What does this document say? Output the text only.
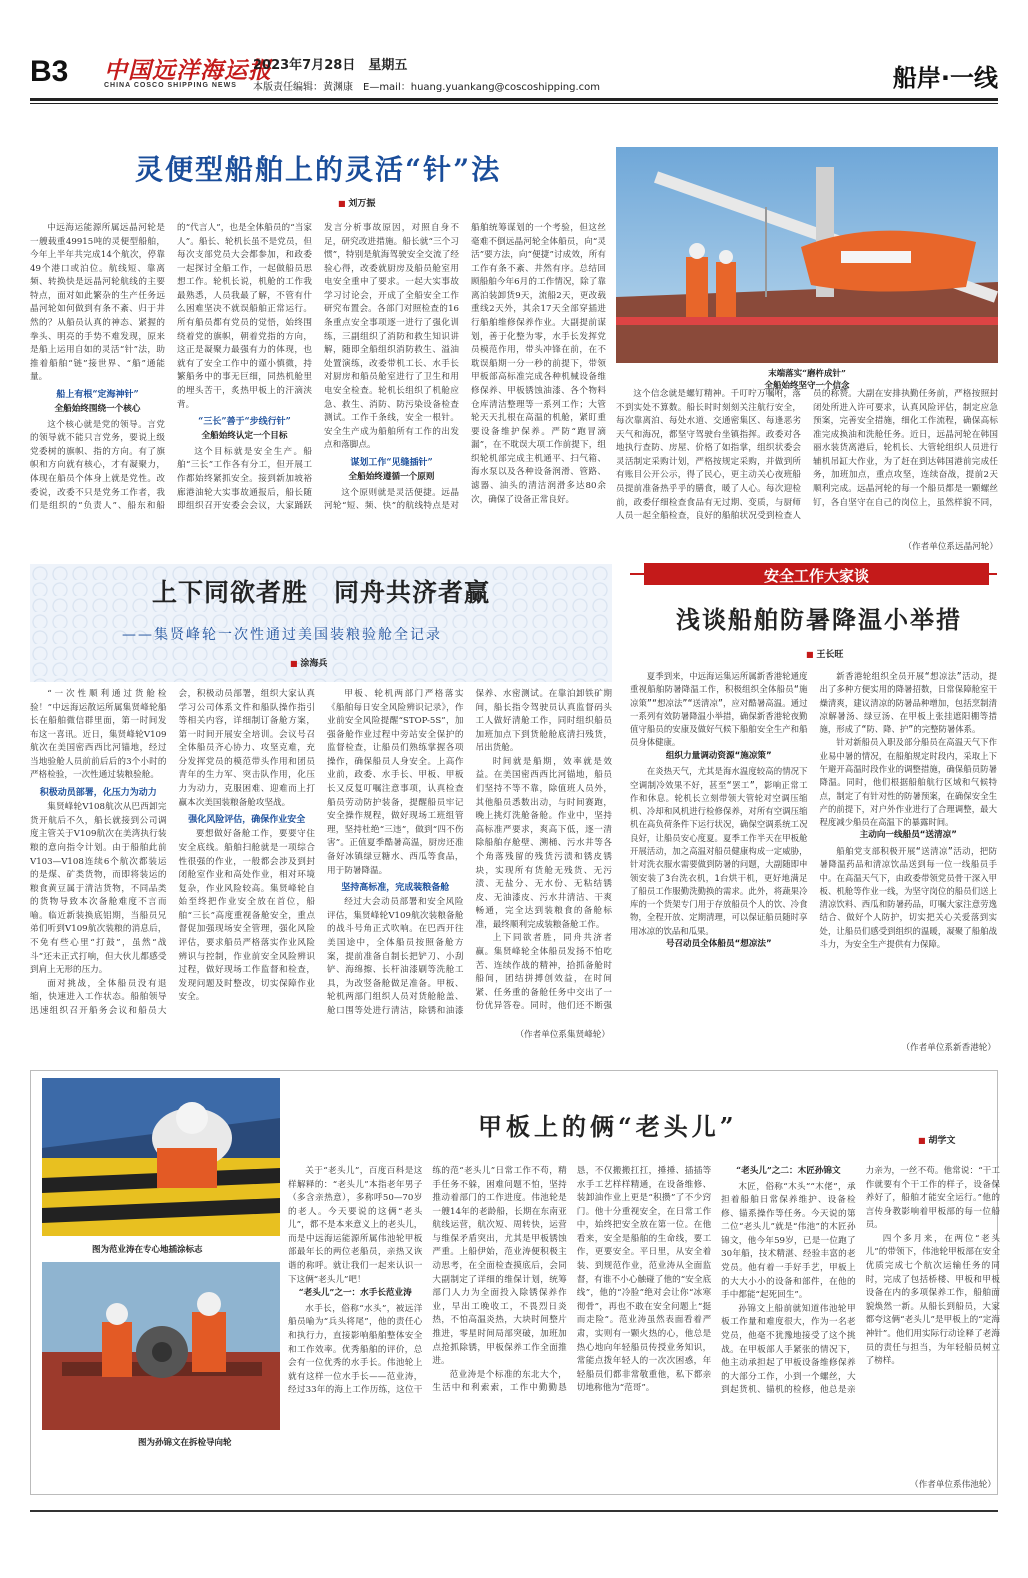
B3 中国远洋海运报
CHINA COSCO SHIPPING NEWS
2023年7月28日　星期五
本版责任编辑：黄渊康　E—mail：huang.yuankang@coscoshipping.com	船岸·一线
灵便型船舶上的灵活“针”法
■ 刘万振

中远海运能源所属远晶河轮是一艘载重49915吨的灵便型船舶，今年上半年共完成14个航次，停靠49个港口或泊位。航线短、靠离频、转换快是远晶河轮航线的主要特点，面对如此繁杂的生产任务远晶河轮如何做到有条不紊、归于井然的？从船员认真的神态、紧握的拳头、明亮的手势不难发现，原来是船上运用自如的灵活“针”法，助推着船舶“链”接世界、“船”通能量。

船上有根“定海神针”

全船始终围绕一个核心

这个核心就是党的领导。言党的领导就不能只言党务，要说上级党委树的旗帜、指的方向。有了旗帜和方向就有核心，才有凝聚力，体现在船员个体身上就是党性。改委说，改委不只是党务工作者，我们是组织的“负责人”、船东和船的“代言人”，也是全体船员的“当家人”。船长、轮机长虽不是党员，但每次支部党员大会都参加，和政委一起探讨全船工作，一起做船员思想工作。轮机长说，机舱的工作我最熟悉，人员我最了解，不管有什么困难坚决不就误船舶正常运行。所有船员都有党员的觉悟，始终围绕着党的旗帜，朝着党指的方向，这正是凝聚力最强有力的体现，也就有了安全工作中的谨小慎微，持繁船务中的事无巨细，同热机舱里的埋头苦干，炙热甲板上的汗滴浃背。

“三长”善于“步线行针”

全船始终认定一个目标

这个目标就是安全生产。船舶“三长”工作各有分工，但开展工作都始终紧抓安全。接到新加坡裕廊港油轮大实事故通报后，船长随即组织召开安委会会议，大家踊跃发言分析事故原因，对照自身不足，研究改进措施。船长就“三个习惯”，特别是航海驾驶安全交流了经验心得，改委就厨房及船员舱室用电安全重申了要求。一起大实事故学习讨论会，开成了全船安全工作研究布置会。各部门对照检查的16条重点安全事项逐一进行了强化训练，三副组织了消防和救生知识讲解，随即全船组织消防救生、溢油处置演练，改委带机工长、水手长对厨房和船员舱室进行了卫生和用电安全检查。轮机长组织了机舱应急、救生、消防、防污染设备检查测试。工作千条线，安全一根针。安全生产成为船舶所有工作的出发点和落脚点。

谋划工作“见缝插针”

全船始终遵循一个原则

这个原则就是灵活便捷。远晶河轮“短、频、快”的航线特点是对船舶统筹谋划的一个考验，但这丝毫难不倒远晶河轮全体船员，向“灵活”要方法，向“便捷”讨成效，所有工作有条不紊、井然有序。总结回顾船舶今年6月的工作情况，除了靠离泊装卸货9天，流船2天，更改载重线2天外，其余17天全部穿插进行船舶维修保养作业。大副提前谋划，善于化整为零，水手长发挥党员模范作用，带头冲锋在前，在不耽误船期一分一秒的前提下，带领甲板部高标准完成各种机械设备维修保养、甲板锈蚀油漆、各个物料仓库清洁整理等一系列工作；大管轮天天扎根在高温的机舱，紧盯重要设备维护保养。严防“跑冒滴漏”，在不耽误大项工作前提下，组织轮机部完成主机通平、扫气箱、海水泵以及各种设备润滑、管路、滤器、油头的清洁润滑多达80余次，确保了设备正常良好。

末端落实“磨杵成针”
全船始终坚守一个信念

这个信念就是螺钉精神。千叮咛万嘱咐，落不到实处不算数。船长时时刻刻关注航行安全，每次靠离泊、每处水道、交通密集区、每逢恶劣天气和海况，都坚守驾驶台坐镇指挥。政委对各地执行查防、房屋、价格了如指掌，组织状委会灵活制定采购计划，严格按规定采购，并做到所有账目公开公示，得了民心，更主动关心夜班船员提前准备热乎乎的膳食，暖了人心。每次迎检前，政委仔细检查食品有无过期、变质，与厨师人员一起全船检查，良好的船舶状况受到检查人员的称赞。大副在安排执勤任务前，严格按照封闭处所进入许可要求，认真风险评估，制定应急预案，完善安全措施，细化工作流程，确保高标准完成换油和洗舱任务。近日，远晶河轮在韩国丽水装货离港后，轮机长、大管轮组织人员进行辅机吊缸大作业，为了赶在到达韩国港前完成任务，加班加点，重点攻坚，连续奋战，提前2天顺利完成。远晶河轮的每一个船员都是一颗螺丝钉，各自坚守在自己的岗位上，虽然样貌不同，

（作者单位系远晶河轮）
上下同欲者胜　同舟共济者赢
——集贤峰轮一次性通过美国装粮验舱全记录
■ 涂海兵

“一次性顺利通过货舱检验！”中远海运散运所属集贤峰轮船长在船舶微信群里面，第一时间发布这一喜讯。近日，集贤峰轮V109航次在美国密西西比河锚地，经过当地验舱人员前前后后的3个小时的严格检验，一次性通过装粮验舱。

积极动员部署，化压力为动力

集贤峰轮V108航次从巴西卸完货开航后不久，船长就接到公司调度主管关于V109航次在美湾执行装粮的意向指令计划。由于船舶此前V103—V108连续6个航次都装运的是煤、矿类货物，而即将装运的粮食黄豆属于清洁货物，不同品类的货物导致本次备舱难度不言而喻。临近新装换底铝期，当船员兄弟们听到V109航次装粮的消息后，不免有些心里“打鼓”，虽然“战斗”还未正式打响，但大伙儿都感受到肩上无形的压力。

面对挑战，全体船员没有退缩，快速进入工作状态。船舶领导迅速组织召开船务会议和船员大会，积极动员部署，组织大家认真学习公司体系文件和船队操作指引等相关内容，详细制订备舱方案，第一时间开展安全培训。会议号召全体船员齐心协力、攻坚克难，充分发挥党员的模范带头作用和团员青年的生力军、突击队作用，化压力为动力，克服困难、迎难而上打赢本次美国装粮备舱攻坚战。

强化风险评估，确保作业安全

要想做好备舱工作，要要守住安全底线。船舶扫舱就是一项综合性很强的作业，一般都会涉及到封闭舱室作业和高处作业，相对环境复杂，作业风险较高。集贤峰轮自始至终把作业安全放在首位，船舶“三长”高度重视备舱安全，重点督促加强现场安全管理，强化风险评估，要求船员严格落实作业风险辨识与控制，作业前安全风险辨识过程，做好现场工作监督和检查，发现问题及时整改，切实保障作业安全。

甲板、轮机两部门严格落实《船舶每日安全风险辨识记录》，作业前安全风险提醒“STOP-5S”，加强备舱作业过程中旁站安全保护的监督检查，让船员们熟练掌握各项操作，确保船员人身安全。上高作业前，政委、水手长、甲板、甲板长又反复叮嘱注意事项，认真检查船员劳动防护装备，提醒船员牢记安全操作规程，做好现场工班组管理，坚持杜绝“三违”，做到“四不伤害”。正值夏季酷暑高温，厨房还准备好冰镇绿豆糖水、西瓜等食品，用于防暑降温。

坚持高标准，完成装粮备舱

经过大会动员部署和安全风险评估，集贤峰轮V109航次装粮备舱的战斗号角正式吹响。在巴西开往美国途中，全体船员按照备舱方案，提前准备自制长把铲刀、小刮铲、海绵擦、长杆油漆刷等洗舱工具，为改竖备舱做足准备。甲板、轮机两部门组织人员对货舱舱盖、舱口围等处进行清洁，除锈和油漆保养、水密测试。在靠泊卸铁矿期间，船长指令驾驶员认真监督码头工人做好清舱工作，同时组织船员加班加点下到货舱舱底清扫残货，吊出货舱。

时间就是船期，效率就是效益。在美国密西西比河锚地，船员们坚持不等不靠，除值班人员外，其他船员悉数出动，与时间赛跑，晚上挑灯洗舱备舱。作业中，坚持高标准严要求，爽高下低，逐一清除船舶存舱壁、溯桶、污水井等各个角落残留的残货污渍和锈皮锈块，实现所有货舱无残货、无污渍、无盐分、无水份、无粘结锈皮、无油漆皮、污水井清洁、干爽畅通，完全达到装粮食的备舱标准，最终顺利完成装粮备舱工作。

上下同欲者胜，同舟共济者赢。集贤峰轮全体船员发扬不怕吃苦、连续作战的精神，拾抓备舱时船间，团结拼搏创效益，在时间紧、任务重的备舱任务中交出了一份优异答卷。同时，他们还不断强

（作者单位系集贤峰轮）
安全工作大家谈
浅谈船舶防暑降温小举措
■ 王长旺

夏季到来，中远海运集运所属新香港轮通度重视船舶防暑降温工作，积极组织全体船员“施凉策”“想凉法”“送清凉”，应对酷暑高温。通过一系列有效防暑降温小举措，确保新香港轮夜勤值守船员的安康及做好气候下船舶安全生产和船员身体健康。

组织力量调动资源“施凉策”

在炎热天气，尤其是海水温度较高的情况下空调制冷效果不好，甚至“罢工”，影响正常工作和休息。轮机长立刻带领大管轮对空调压缩机、冷却和风机进行检修保养，对所有空调压缩机在高负荷条件下运行状况，确保空调系统工况良好，让船员安心度夏。夏季工作半天在甲板舱开展活动，加之高温对船员健康构成一定威胁，针对洗衣服水需要做到防暑的问题，大副随即申领安装了3台洗衣机，1台烘干机，更好地满足了船员工作服勤洗勤换的需求。此外，将蔬果冷库的一个货架专门用于存放船员个人的饮、冷食物，全程开放、定期清理，可以保证船员随时享用冰凉的饮品和瓜果。

号召动员全体船员“想凉法”

新香港轮组织全员开展“想凉法”活动，提出了多种方便实用的降暑招数，日常保障舱室干燥清爽，建议清凉的防暑品种增加，包括烹制清凉解暑汤、绿豆汤、在甲板上张挂遮阳棚等措施，形成了“防、降、护”的完整防暑体系。

针对新船员入职及部分船员在高温天气下作业易中暑的情况，在船舶规定时段内，采取上下午避开高温时段作业的调整措施，确保船员防暑降温。同时，他们根据船舶航行区域和气候特点，制定了有针对性的防暑预案，在确保安全生产的前提下，对户外作业进行了合理调整，最大程度减少船员在高温下的暴露时间。

主动向一线船员“送清凉”

船舶党支部积极开展“送清凉”活动，把防暑降温药品和清凉饮品送到每一位一线船员手中。在高温天气下，由政委带领党员骨干深入甲板、机舱等作业一线，为坚守岗位的船员们送上清凉饮料、西瓜和防暑药品，叮嘱大家注意劳逸结合、做好个人防护，切实把关心关爱落到实处，让船员们感受到组织的温暖，凝聚了船舶战斗力，为安全生产提供有力保障。

（作者单位系新香港轮）
图为范业涛在专心地插涂标志
图为孙锦文在拆检导向轮
甲板上的俩“老头儿”
■	胡学文

关于“老头儿”，百度百科是这样解释的：“老头儿”本指老年男子（多含亲热意），多称呼50—70岁的老人。今天要说的这俩“老头儿”，都不是本来意义上的老头儿，而是中远海运能源所属伟池轮甲板部最年长的两位老船员，亲热又诙谐的称呼。就让我们一起来认识一下这俩“老头儿”吧！

“老头儿”之一：水手长范业涛

水手长，俗称“水头”，被远洋船员喻为“兵头将尾”，他的责任心和执行力，直接影响船舶整体安全和工作效率。优秀船舶的评价，总会有一位优秀的水手长。伟池轮上就有这样一位水手长——范业涛，经过33年的海上工作历练，这位干练的范“老头儿”日常工作不苟，精手任务不躲，困难问题不怕，坚持推动着部门的工作进度。伟池轮是一艘14年的老龄船，长期在东南亚航线运营，航次短、周转快，运营与维保矛盾突出，尤其是甲板锈蚀严重。上船伊始，范业涛便积极主动思考，在全面检查摸底后，会同大副制定了详细的维保计划，统筹部门人力为全面投入除锈保养作业，早出工晚收工，不畏烈日炎热，不怕高温炎热，大块时间整片推进，零星时间局部突破，加班加点抢抓除锈，甲板保养工作全面推进。

范业涛是个标准的东北大个，生活中和利索索，工作中勤勤恳恳，不仅搬搬扛扛，捶捶、插插等水手工艺样样精通，在设备维修、装卸油作业上更是“积攒”了不少窍门。他十分重视安全，在日常工作中，始终把安全放在第一位。在他看来，安全是船舶的生命线，要工作，更要安全。平日里，从安全着装、到规范作业，范业涛从全面监督，有谁不小心触碰了他的“安全底线”，他的“冷脸”绝对会让你“冰寒彻骨”，再也不敢在安全问题上“挺而走险”。范业涛虽然表面看着严肃，实则有一颗火热的心，他总是热心地向年轻船员传授业务知识，常能点拨年轻人的一次次困惑，年轻船员们都非常敬重他，私下都亲切地称他为“范哥”。

“老头儿”之二：木匠孙锦文

木匠，俗称“木头”“木佬”，承担着船舶日常保养维护、设备检修、锚系操作等任务。今天说的第二位“老头儿”就是“伟池”的木匠孙锦文，他今年59岁，已是一位跑了30年船，技术精湛、经验丰富的老党员。他有着一手好手艺，甲板上的大大小小的设备和部件，在他的手中都能“起死回生”。

孙锦文上船前就知道伟池轮甲板工作量和难度很大，作为一名老党员，他毫不犹豫地接受了这个挑战。在甲板部人手紧张的情况下，他主动承担起了甲板设备维修保养的大部分工作，小到一个螺丝，大到起货机、锚机的检修，他总是亲力亲为，一丝不苟。他常说：“干工作就要有个干工作的样子，设备保养好了，船舶才能安全运行。”他的言传身教影响着甲板部的每一位船员。

四个多月来，在两位“老头儿”的带领下，伟池轮甲板部在安全优质完成七个航次运输任务的同时，完成了包括桥楼、甲板和甲板设备在内的多项保养工作，船舶面貌焕然一新。从船长到船员，大家都夸这俩“老头儿”是甲板上的“定海神针”。他们用实际行动诠释了老海员的责任与担当，为年轻船员树立了榜样。

（作者单位系伟池轮）
